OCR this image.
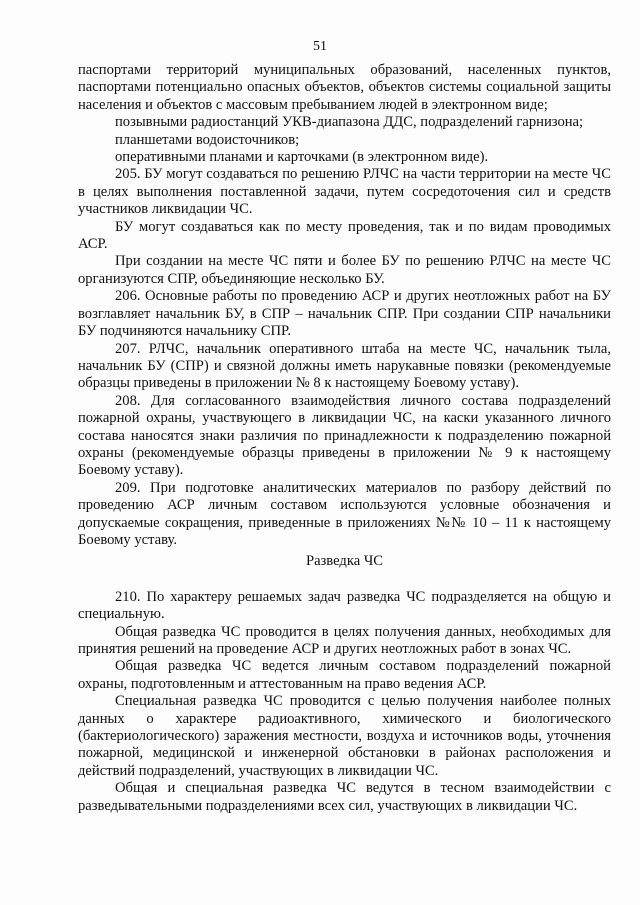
51

паспортами территорий муниципальных образований, населенных пунктов, паспортами потенциально опасных объектов, объектов системы социальной защиты населения и объектов с массовым пребыванием людей в электронном виде;

позывными радиостанций УКВ-диапазона ДДС, подразделений гарнизона;

планшетами водоисточников;

оперативными планами и карточками (в электронном виде).

205. БУ могут создаваться по решению РЛЧС на части территории на месте ЧС в целях выполнения поставленной задачи, путем сосредоточения сил и средств участников ликвидации ЧС.

БУ могут создаваться как по месту проведения, так и по видам проводимых АСР.

При создании на месте ЧС пяти и более БУ по решению РЛЧС на месте ЧС организуются СПР, объединяющие несколько БУ.

206. Основные работы по проведению АСР и других неотложных работ на БУ возглавляет начальник БУ, в СПР – начальник СПР. При создании СПР начальники БУ подчиняются начальнику СПР.

207. РЛЧС, начальник оперативного штаба на месте ЧС, начальник тыла, начальник БУ (СПР) и связной должны иметь нарукавные повязки (рекомендуемые образцы приведены в приложении № 8 к настоящему Боевому уставу).

208. Для согласованного взаимодействия личного состава подразделений пожарной охраны, участвующего в ликвидации ЧС, на каски указанного личного состава наносятся знаки различия по принадлежности к подразделению пожарной охраны (рекомендуемые образцы приведены в приложении № 9 к настоящему Боевому уставу).

209. При подготовке аналитических материалов по разбору действий по проведению АСР личным составом используются условные обозначения и допускаемые сокращения, приведенные в приложениях №№ 10 – 11 к настоящему Боевому уставу.

Разведка ЧС

210. По характеру решаемых задач разведка ЧС подразделяется на общую и специальную.

Общая разведка ЧС проводится в целях получения данных, необходимых для принятия решений на проведение АСР и других неотложных работ в зонах ЧС.

Общая разведка ЧС ведется личным составом подразделений пожарной охраны, подготовленным и аттестованным на право ведения АСР.

Специальная разведка ЧС проводится с целью получения наиболее полных данных о характере радиоактивного, химического и биологического (бактериологического) заражения местности, воздуха и источников воды, уточнения пожарной, медицинской и инженерной обстановки в районах расположения и действий подразделений, участвующих в ликвидации ЧС.

Общая и специальная разведка ЧС ведутся в тесном взаимодействии с разведывательными подразделениями всех сил, участвующих в ликвидации ЧС.
